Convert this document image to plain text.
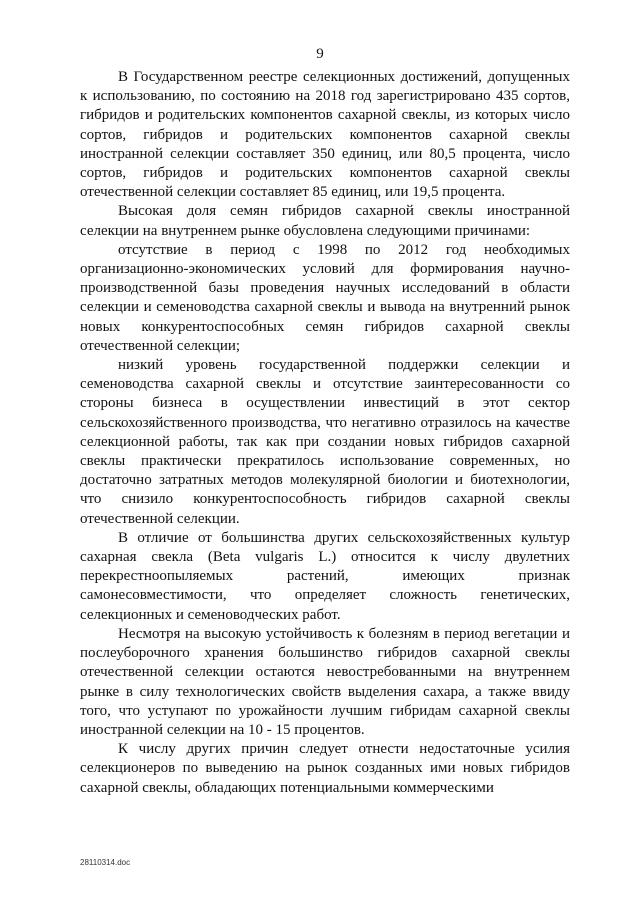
9

В Государственном реестре селекционных достижений, допущенных к использованию, по состоянию на 2018 год зарегистрировано 435 сортов, гибридов и родительских компонентов сахарной свеклы, из которых число сортов, гибридов и родительских компонентов сахарной свеклы иностранной селекции составляет 350 единиц, или 80,5 процента, число сортов, гибридов и родительских компонентов сахарной свеклы отечественной селекции составляет 85 единиц, или 19,5 процента.

Высокая доля семян гибридов сахарной свеклы иностранной селекции на внутреннем рынке обусловлена следующими причинами:

отсутствие в период с 1998 по 2012 год необходимых организационно-экономических условий для формирования научно-производственной базы проведения научных исследований в области селекции и семеноводства сахарной свеклы и вывода на внутренний рынок новых конкурентоспособных семян гибридов сахарной свеклы отечественной селекции;

низкий уровень государственной поддержки селекции и семеноводства сахарной свеклы и отсутствие заинтересованности со стороны бизнеса в осуществлении инвестиций в этот сектор сельскохозяйственного производства, что негативно отразилось на качестве селекционной работы, так как при создании новых гибридов сахарной свеклы практически прекратилось использование современных, но достаточно затратных методов молекулярной биологии и биотехнологии, что снизило конкурентоспособность гибридов сахарной свеклы отечественной селекции.

В отличие от большинства других сельскохозяйственных культур сахарная свекла (Beta vulgaris L.) относится к числу двулетних перекрестноопыляемых растений, имеющих признак самонесовместимости, что определяет сложность генетических, селекционных и семеноводческих работ.

Несмотря на высокую устойчивость к болезням в период вегетации и послеуборочного хранения большинство гибридов сахарной свеклы отечественной селекции остаются невостребованными на внутреннем рынке в силу технологических свойств выделения сахара, а также ввиду того, что уступают по урожайности лучшим гибридам сахарной свеклы иностранной селекции на 10 - 15 процентов.

К числу других причин следует отнести недостаточные усилия селекционеров по выведению на рынок созданных ими новых гибридов сахарной свеклы, обладающих потенциальными коммерческими

28110314.doc
